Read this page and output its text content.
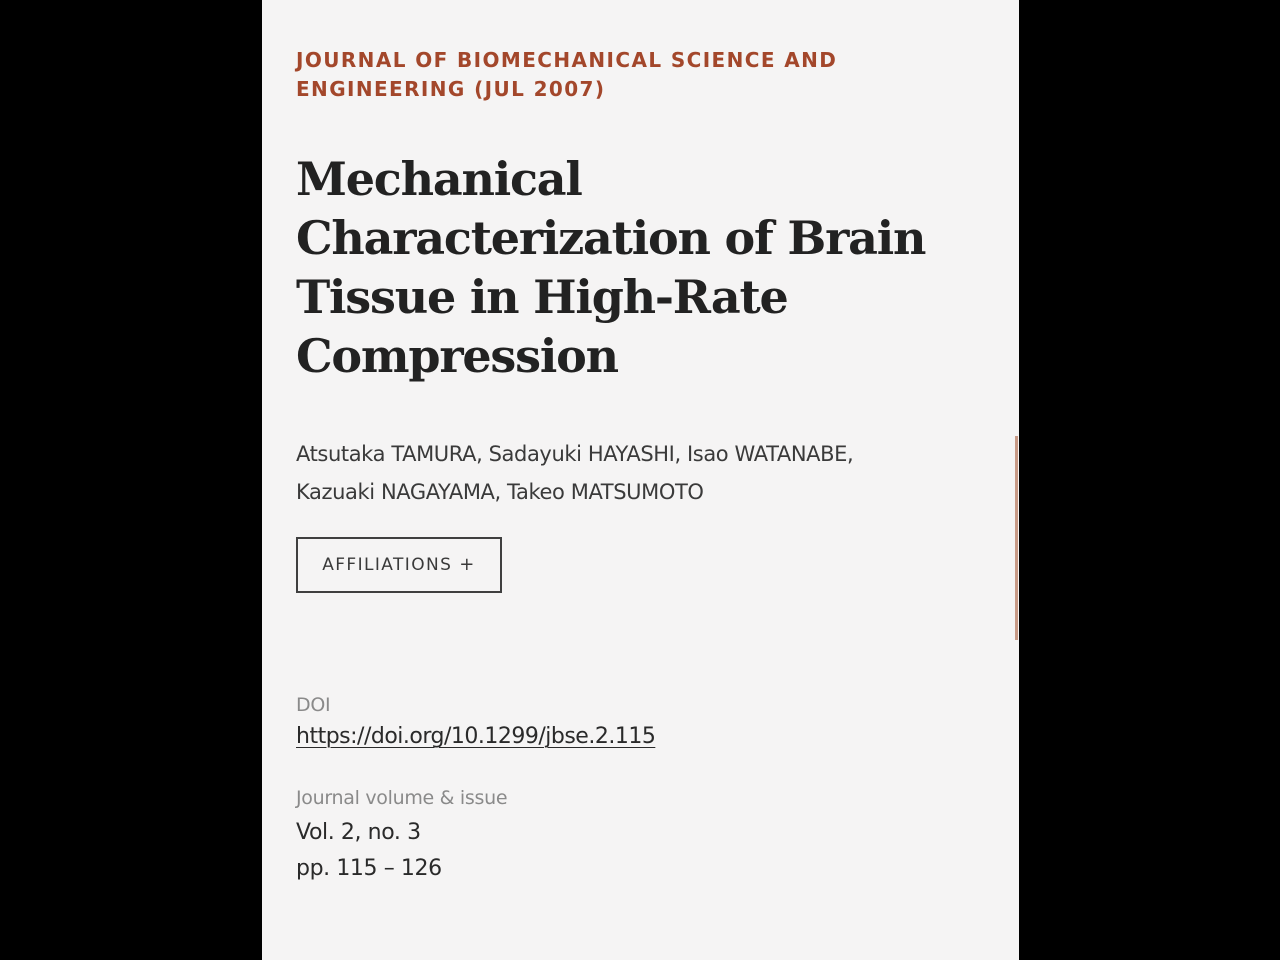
JOURNAL OF BIOMECHANICAL SCIENCE AND
ENGINEERING (JUL 2007)
Mechanical
Characterization of Brain
Tissue in High-Rate
Compression
Atsutaka TAMURA, Sadayuki HAYASHI, Isao WATANABE,
Kazuaki NAGAYAMA, Takeo MATSUMOTO
AFFILIATIONS +
DOI
https://doi.org/10.1299/jbse.2.115
Journal volume & issue
Vol. 2, no. 3
pp. 115 – 126
